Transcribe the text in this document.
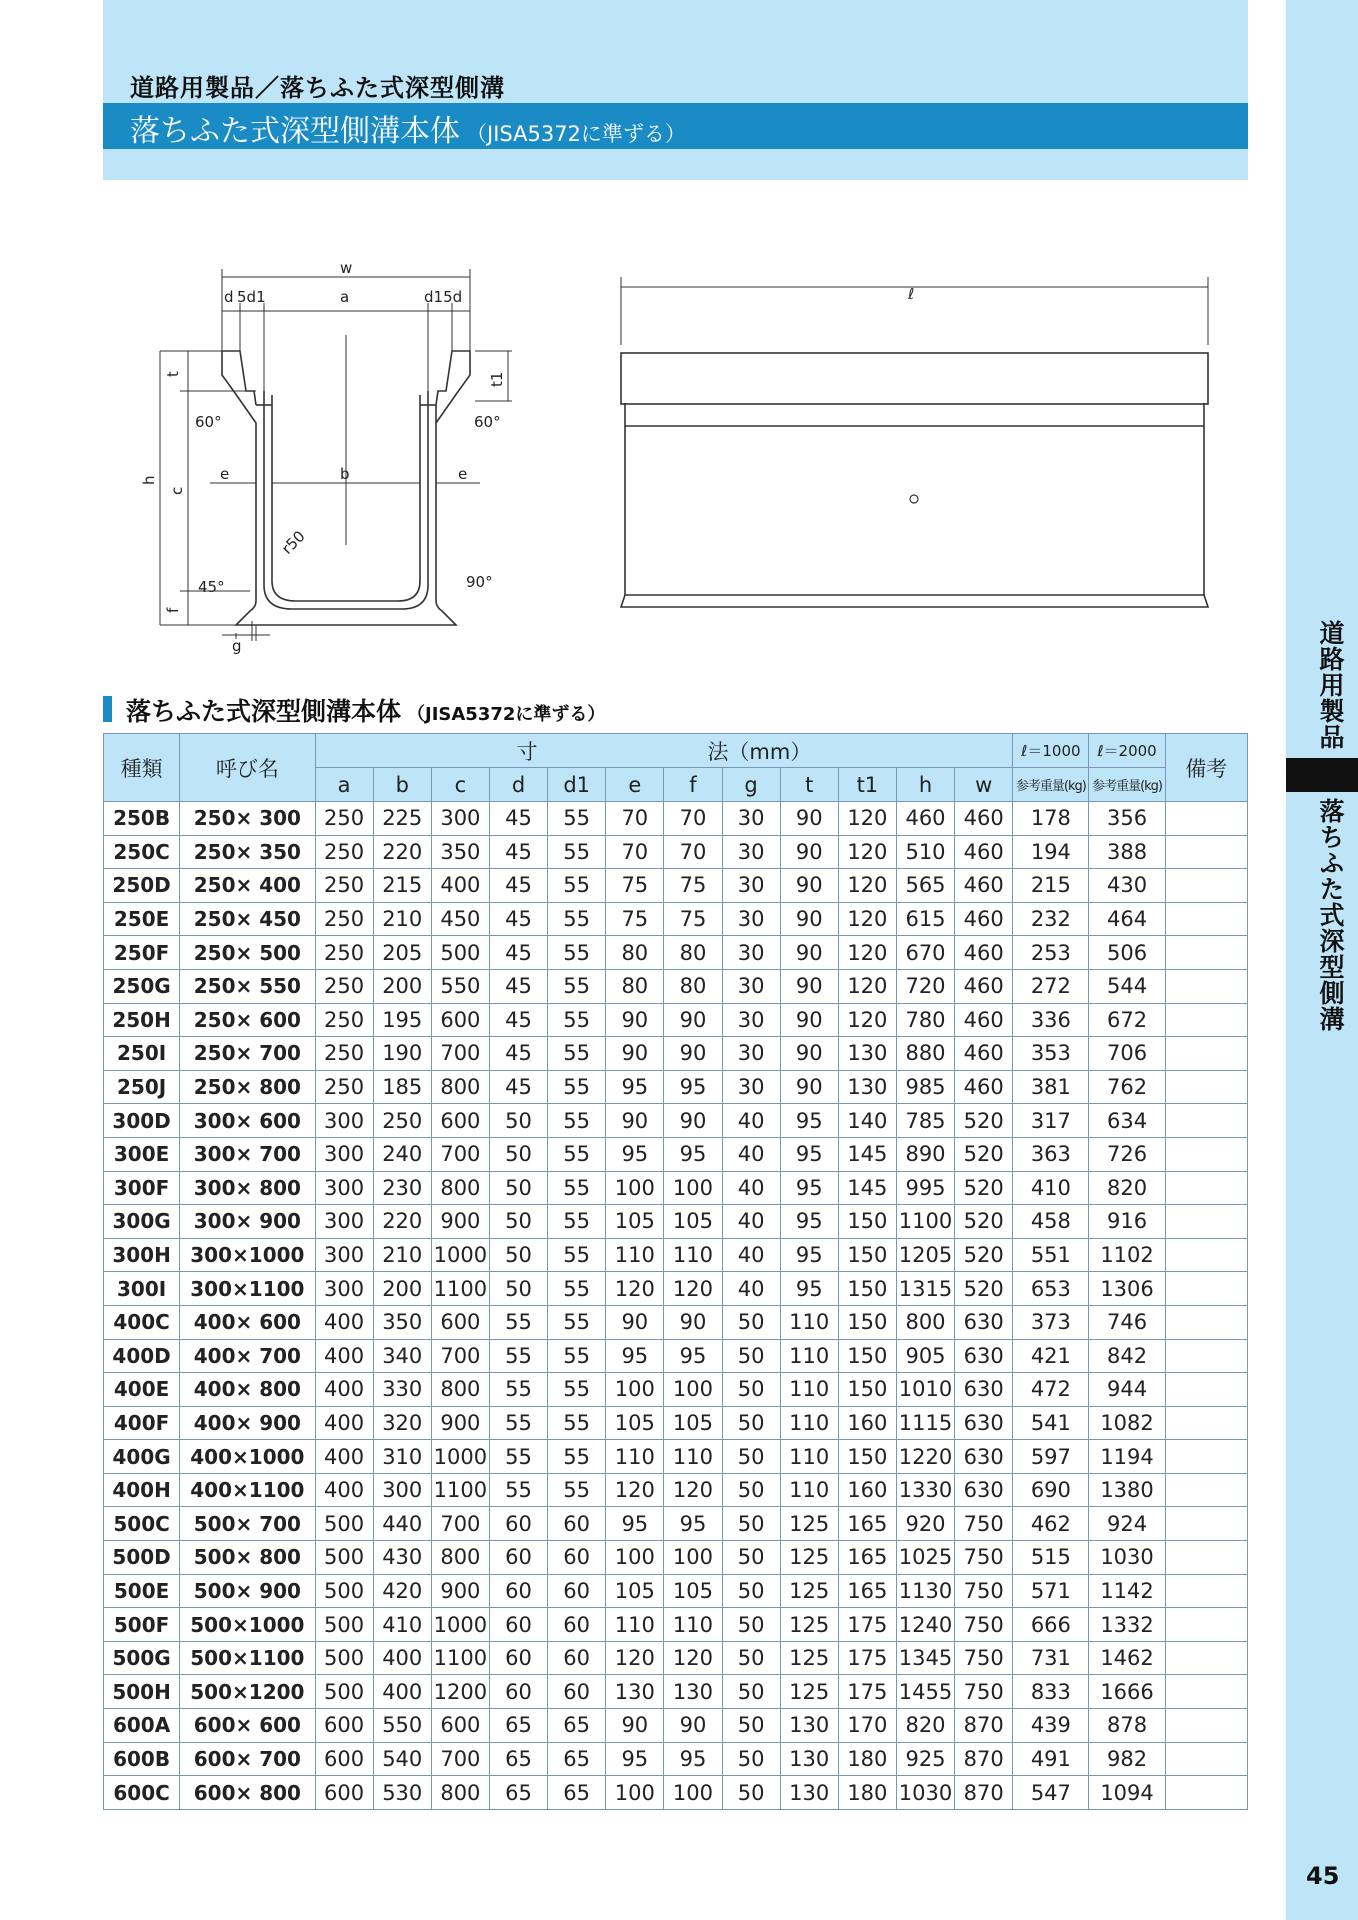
道路用製品／落ちふた式深型側溝
落ちふた式深型側溝本体 （JISA5372に準ずる）
道路用製品
落ちふた式深型側溝
45
w
d 5d1	a	d15d
t	t1
60°	60°
h
c
e	e
b
r50
f
45°	90°
g
ℓ
落ちふた式深型側溝本体 （JISA5372に準ずる）
種類	呼び名	寸 法（mm）												ℓ＝1000	ℓ＝2000	備考
		a	b	c	d	d1	e	f	g	t	t1	h	w	参考重量(kg)	参考重量(kg)	
250B	250× 300	250	225	300	45	55	70	70	30	90	120	460	460	178	356	
250C	250× 350	250	220	350	45	55	70	70	30	90	120	510	460	194	388	
250D	250× 400	250	215	400	45	55	75	75	30	90	120	565	460	215	430	
250E	250× 450	250	210	450	45	55	75	75	30	90	120	615	460	232	464	
250F	250× 500	250	205	500	45	55	80	80	30	90	120	670	460	253	506	
250G	250× 550	250	200	550	45	55	80	80	30	90	120	720	460	272	544	
250H	250× 600	250	195	600	45	55	90	90	30	90	120	780	460	336	672	
250I	250× 700	250	190	700	45	55	90	90	30	90	130	880	460	353	706	
250J	250× 800	250	185	800	45	55	95	95	30	90	130	985	460	381	762	
300D	300× 600	300	250	600	50	55	90	90	40	95	140	785	520	317	634	
300E	300× 700	300	240	700	50	55	95	95	40	95	145	890	520	363	726	
300F	300× 800	300	230	800	50	55	100	100	40	95	145	995	520	410	820	
300G	300× 900	300	220	900	50	55	105	105	40	95	150	1100	520	458	916	
300H	300×1000	300	210	1000	50	55	110	110	40	95	150	1205	520	551	1102	
300I	300×1100	300	200	1100	50	55	120	120	40	95	150	1315	520	653	1306	
400C	400× 600	400	350	600	55	55	90	90	50	110	150	800	630	373	746	
400D	400× 700	400	340	700	55	55	95	95	50	110	150	905	630	421	842	
400E	400× 800	400	330	800	55	55	100	100	50	110	150	1010	630	472	944	
400F	400× 900	400	320	900	55	55	105	105	50	110	160	1115	630	541	1082	
400G	400×1000	400	310	1000	55	55	110	110	50	110	150	1220	630	597	1194	
400H	400×1100	400	300	1100	55	55	120	120	50	110	160	1330	630	690	1380	
500C	500× 700	500	440	700	60	60	95	95	50	125	165	920	750	462	924	
500D	500× 800	500	430	800	60	60	100	100	50	125	165	1025	750	515	1030	
500E	500× 900	500	420	900	60	60	105	105	50	125	165	1130	750	571	1142	
500F	500×1000	500	410	1000	60	60	110	110	50	125	175	1240	750	666	1332	
500G	500×1100	500	400	1100	60	60	120	120	50	125	175	1345	750	731	1462	
500H	500×1200	500	400	1200	60	60	130	130	50	125	175	1455	750	833	1666	
600A	600× 600	600	550	600	65	65	90	90	50	130	170	820	870	439	878	
600B	600× 700	600	540	700	65	65	95	95	50	130	180	925	870	491	982	
600C	600× 800	600	530	800	65	65	100	100	50	130	180	1030	870	547	1094	
